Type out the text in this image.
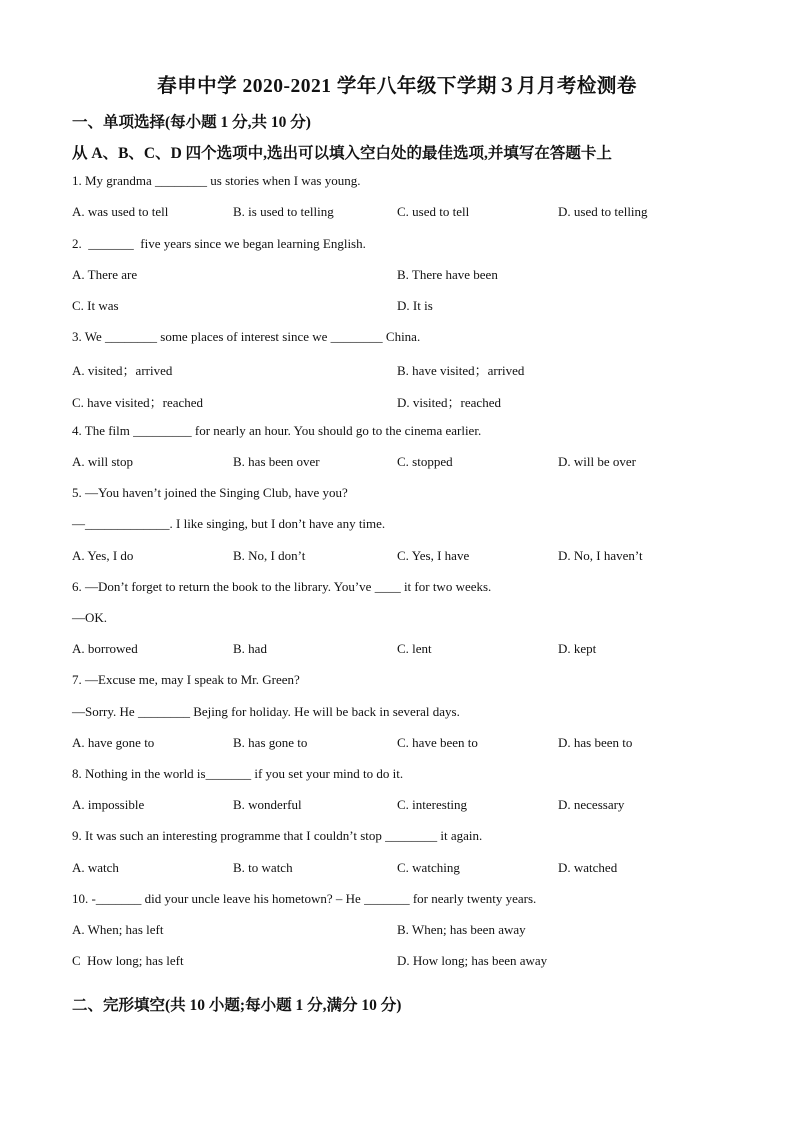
春申中学 2020-2021 学年八年级下学期３月月考检测卷
一、单项选择(每小题 1 分,共 10 分)
从 A、B、C、D 四个选项中,选出可以填入空白处的最佳选项,并填写在答题卡上
1. My grandma ________ us stories when I was young.
A. was used to tell	B. is used to telling	C. used to tell	D. used to telling
2.  _______  five years since we began learning English.
A. There are	B. There have been
C. It was	D. It is
3. We ________ some places of interest since we ________ China.
A. visited；arrived	B. have visited；arrived
C. have visited；reached	D. visited；reached
4. The film _________ for nearly an hour. You should go to the cinema earlier.
A. will stop	B. has been over	C. stopped	D. will be over
5. —You haven’t joined the Singing Club, have you?
—_____________. I like singing, but I don’t have any time.
A. Yes, I do	B. No, I don’t	C. Yes, I have	D. No, I haven’t
6. —Don’t forget to return the book to the library. You’ve ____ it for two weeks.
—OK.
A. borrowed	B. had	C. lent	D. kept
7. —Excuse me, may I speak to Mr. Green?
—Sorry. He ________ Bejing for holiday. He will be back in several days.
A. have gone to	B. has gone to	C. have been to	D. has been to
8. Nothing in the world is_______ if you set your mind to do it.
A. impossible	B. wonderful	C. interesting	D. necessary
9. It was such an interesting programme that I couldn’t stop ________ it again.
A. watch	B. to watch	C. watching	D. watched
10. -_______ did your uncle leave his hometown? – He _______ for nearly twenty years.
A. When; has left	B. When; has been away
C  How long; has left	D. How long; has been away
二、完形填空(共 10 小题;每小题 1 分,满分 10 分)
